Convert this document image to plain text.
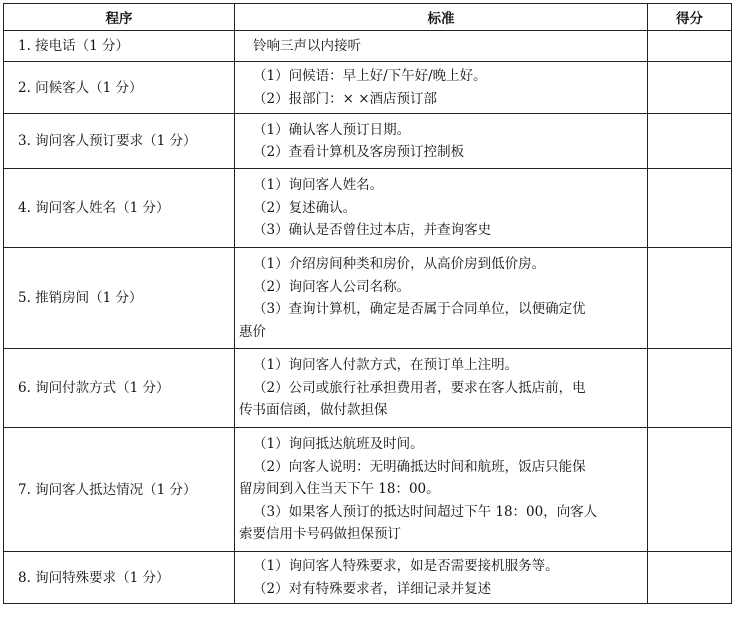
程序	标准	得分
1. 接电话（1 分）	铃响三声以内接听	

2. 问候客人（1 分）	（1）问候语：早上好/下午好/晚上好。
（2）报部门：× ×酒店预订部	

3. 询问客人预订要求（1 分）	（1）确认客人预订日期。
（2）查看计算机及客房预订控制板	

4. 询问客人姓名（1 分）	（1）询问客人姓名。
（2）复述确认。
（3）确认是否曾住过本店，并查询客史	

5. 推销房间（1 分）	（1）介绍房间种类和房价，从高价房到低价房。
（2）询问客人公司名称。
（3）查询计算机，确定是否属于合同单位，以便确定优
惠价	

6. 询问付款方式（1 分）	（1）询问客人付款方式，在预订单上注明。
（2）公司或旅行社承担费用者，要求在客人抵店前，电
传书面信函，做付款担保	

7. 询问客人抵达情况（1 分）	（1）询问抵达航班及时间。
（2）向客人说明：无明确抵达时间和航班，饭店只能保
留房间到入住当天下午 18：00。
（3）如果客人预订的抵达时间超过下午 18：00，向客人
索要信用卡号码做担保预订	

8. 询问特殊要求（1 分）	（1）询问客人特殊要求，如是否需要接机服务等。
（2）对有特殊要求者，详细记录并复述	
